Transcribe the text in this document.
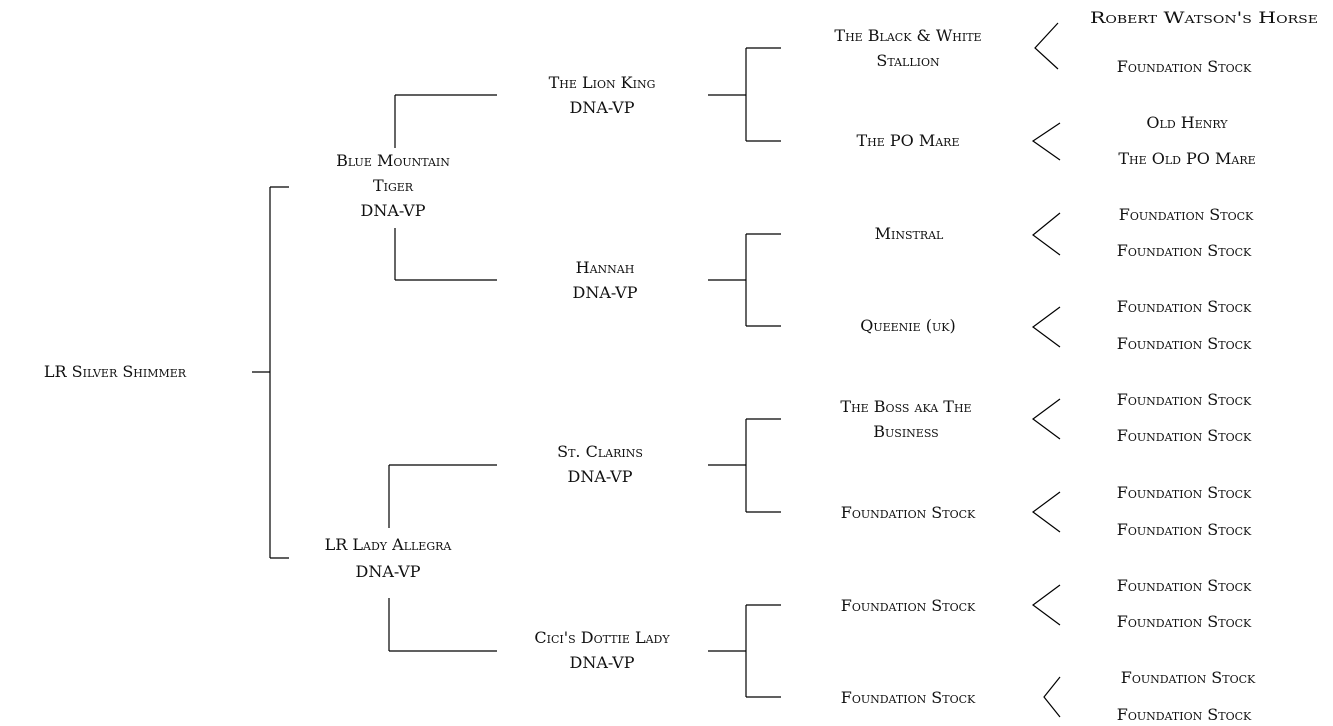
LR Silver Shimmer
Blue Mountain
Tiger
DNA-VP
LR Lady Allegra
DNA-VP
The Lion King
DNA-VP
Hannah
DNA-VP
St. Clarins
DNA-VP
Cici's Dottie Lady
DNA-VP
The Black & White
Stallion
The PO Mare
Minstral
Queenie (uk)
The Boss aka The
Business
Foundation Stock
Foundation Stock
Foundation Stock
Robert Watson's Horse
Foundation Stock
Old Henry
The Old PO Mare
Foundation Stock
Foundation Stock
Foundation Stock
Foundation Stock
Foundation Stock
Foundation Stock
Foundation Stock
Foundation Stock
Foundation Stock
Foundation Stock
Foundation Stock
Foundation Stock
